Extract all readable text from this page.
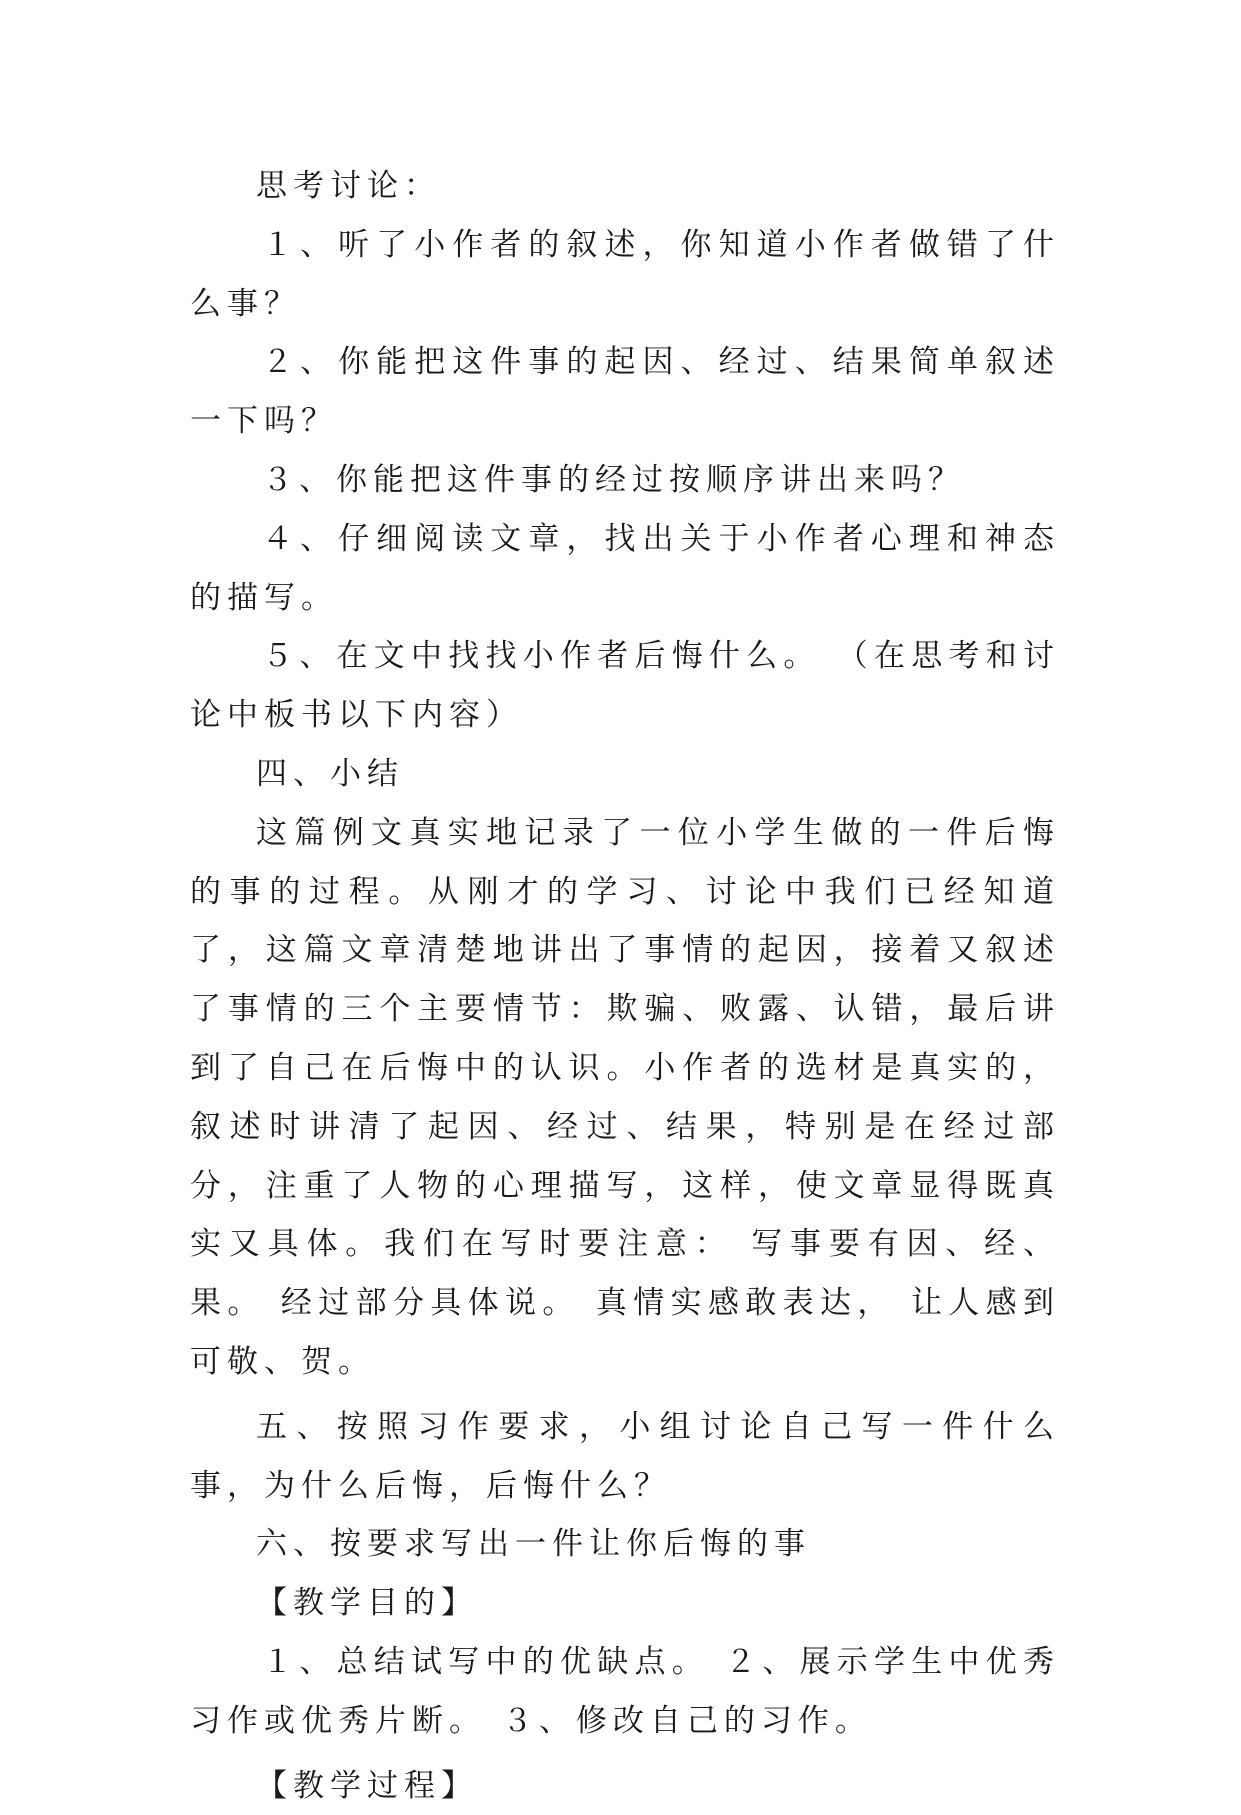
思考讨论：

１、听了小作者的叙述，你知道小作者做错了什么事？

２、你能把这件事的起因、经过、结果简单叙述一下吗？

３、你能把这件事的经过按顺序讲出来吗？

４、仔细阅读文章，找出关于小作者心理和神态的描写。

５、在文中找找小作者后悔什么。 （在思考和讨论中板书以下内容）

四、小结

这篇例文真实地记录了一位小学生做的一件后悔的事的过程。从刚才的学习、讨论中我们已经知道了，这篇文章清楚地讲出了事情的起因，接着又叙述了事情的三个主要情节：欺骗、败露、认错，最后讲到了自己在后悔中的认识。小作者的选材是真实的，叙述时讲清了起因、经过、结果，特别是在经过部分，注重了人物的心理描写，这样，使文章显得既真实又具体。我们在写时要注意： 写事要有因、经、果。 经过部分具体说。 真情实感敢表达， 让人感到可敬、贺。

五、按照习作要求，小组讨论自己写一件什么事，为什么后悔，后悔什么？

六、按要求写出一件让你后悔的事

【教学目的】

１、总结试写中的优缺点。 ２、展示学生中优秀习作或优秀片断。 ３、修改自己的习作。

【教学过程】
